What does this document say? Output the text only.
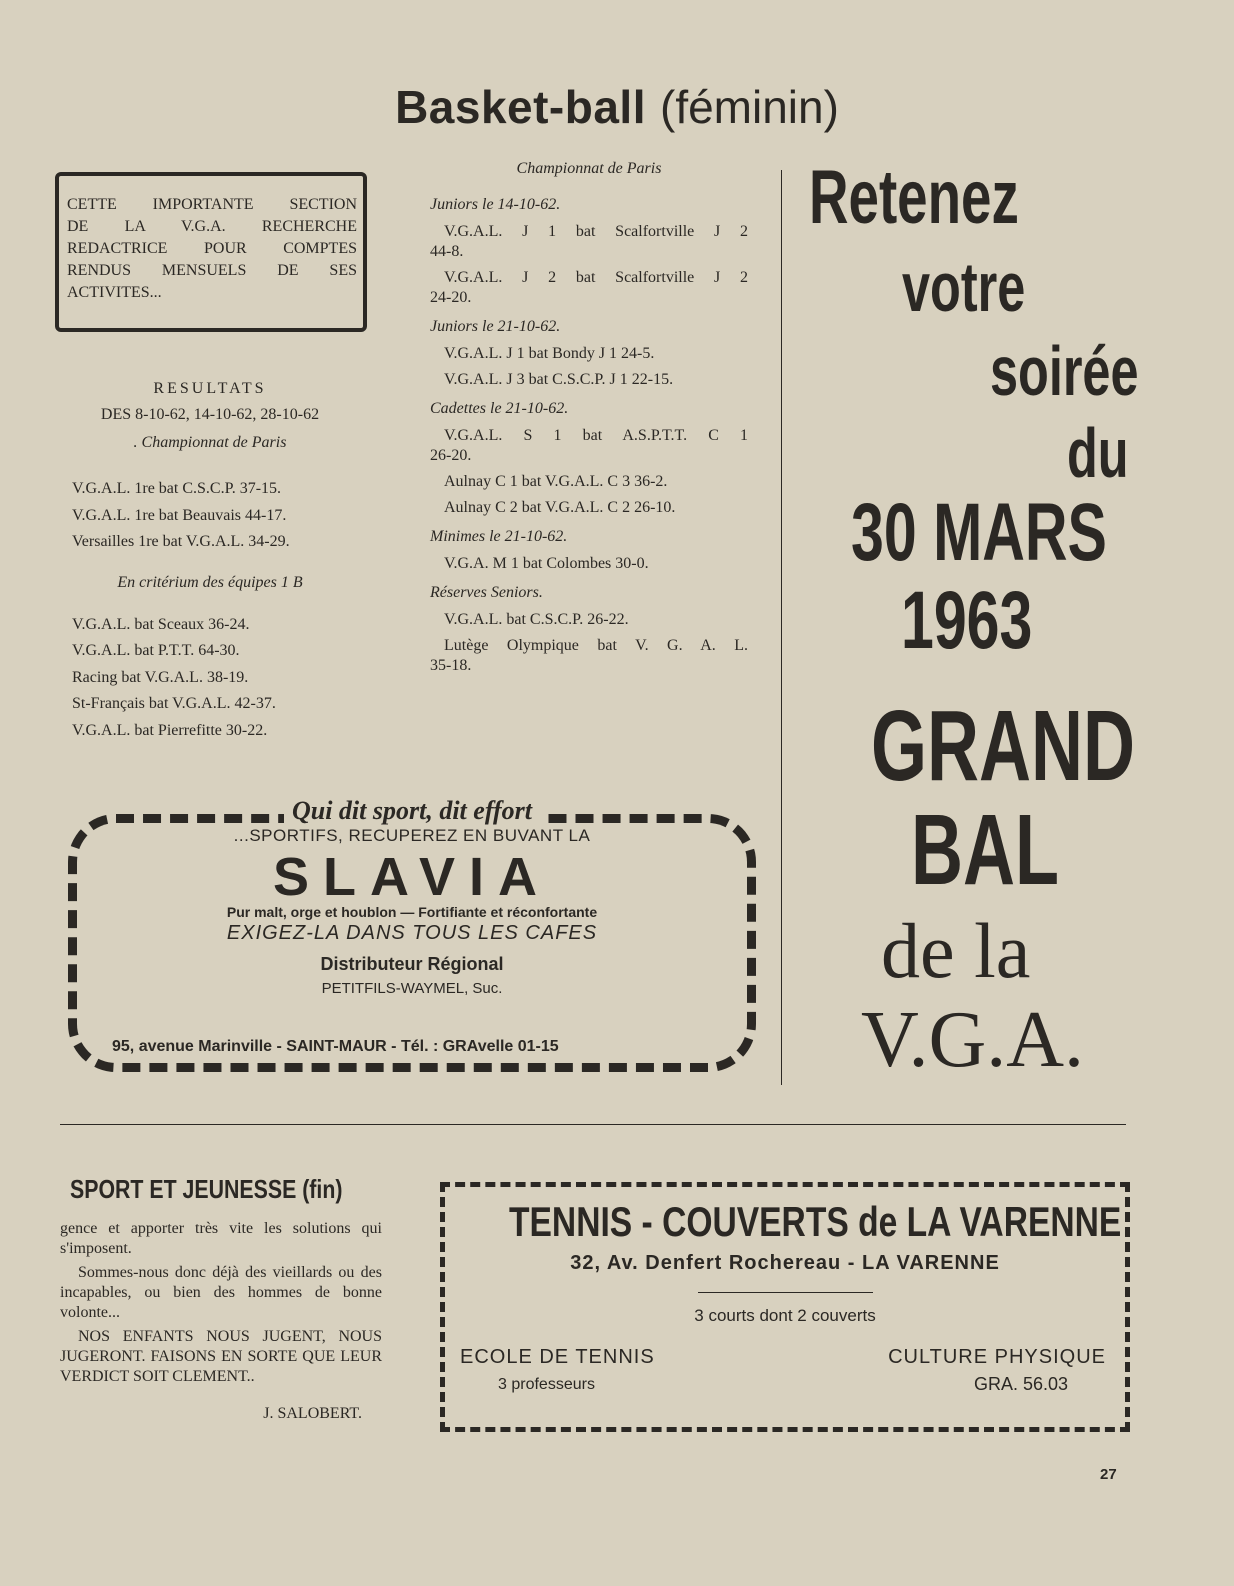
Basket-ball (féminin)

CETTE IMPORTANTE SECTION

DE LA V.G.A. RECHERCHE

REDACTRICE POUR COMPTES

RENDUS MENSUELS DE SES

ACTIVITES...

RESULTATS
DES 8-10-62, 14-10-62, 28-10-62
. Championnat de Paris
V.G.A.L. 1re bat C.S.C.P. 37-15.
V.G.A.L. 1re bat Beauvais 44-17.
Versailles 1re bat V.G.A.L. 34-29.
En critérium des équipes 1 B
V.G.A.L. bat Sceaux 36-24.
V.G.A.L. bat P.T.T. 64-30.
Racing bat V.G.A.L. 38-19.
St-Français bat V.G.A.L. 42-37.
V.G.A.L. bat Pierrefitte 30-22.
Championnat de Paris
Juniors le 14-10-62.
V.G.A.L. J 1 bat Scalfortville J 2
44-8.
V.G.A.L. J 2 bat Scalfortville J 2
24-20.
Juniors le 21-10-62.
V.G.A.L. J 1 bat Bondy J 1 24-5.
V.G.A.L. J 3 bat C.S.C.P. J 1 22-15.
Cadettes le 21-10-62.
V.G.A.L. S 1 bat A.S.P.T.T. C 1
26-20.
Aulnay C 1 bat V.G.A.L. C 3 36-2.
Aulnay C 2 bat V.G.A.L. C 2 26-10.
Minimes le 21-10-62.
V.G.A. M 1 bat Colombes 30-0.
Réserves Seniors.
V.G.A.L. bat C.S.C.P. 26-22.
Lutège Olympique bat V. G. A. L.
35-18.
Retenez
votre
soirée
du
30 MARS
1963
GRAND
BAL
de la
V.G.A.
Qui dit sport, dit effort
...SPORTIFS, RECUPEREZ EN BUVANT LA
SLAVIA
Pur malt, orge et houblon — Fortifiante et réconfortante
EXIGEZ-LA DANS TOUS LES CAFES
Distributeur Régional
PETITFILS-WAYMEL, Suc.
95, avenue Marinville - SAINT-MAUR - Tél. : GRAvelle 01-15
SPORT ET JEUNESSE (fin)

gence et apporter très vite les solutions qui s'imposent.

Sommes-nous donc déjà des vieillards ou des incapables, ou bien des hommes de bonne volonte...

NOS ENFANTS NOUS JUGENT, NOUS JUGERONT. FAISONS EN SORTE QUE LEUR VERDICT SOIT CLEMENT..

J. SALOBERT.
TENNIS - COUVERTS de LA VARENNE
32, Av. Denfert Rochereau - LA VARENNE
3 courts dont 2 couverts
ECOLE DE TENNIS
3 professeurs
CULTURE PHYSIQUE
GRA. 56.03
27
